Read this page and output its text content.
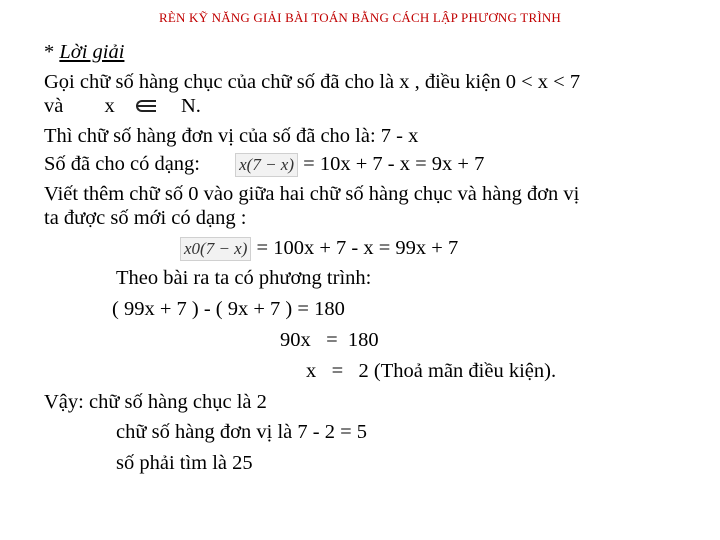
RÈN KỸ NĂNG GIẢI BÀI TOÁN BẰNG CÁCH LẬP PHƯƠNG TRÌNH
* Lời giải
Gọi chữ số hàng chục của chữ số đã cho là x , điều kiện 0 < x < 7
và x	N.
Thì chữ số hàng đơn vị của số đã cho là: 7 - x
Số đã cho có dạng: x(7 − x) = 10x + 7 - x = 9x + 7
Viết thêm chữ số 0 vào giữa hai chữ số hàng chục và hàng đơn vị
ta được số mới có dạng :
x0(7 − x) = 100x + 7 - x = 99x + 7
Theo bài ra ta có phương trình:
( 99x + 7 ) - ( 9x + 7 ) = 180
90x   =  180
x   =   2 (Thoả mãn điều kiện).
Vậy: chữ số hàng chục là 2
chữ số hàng đơn vị là 7 - 2 = 5
số phải tìm là 25
